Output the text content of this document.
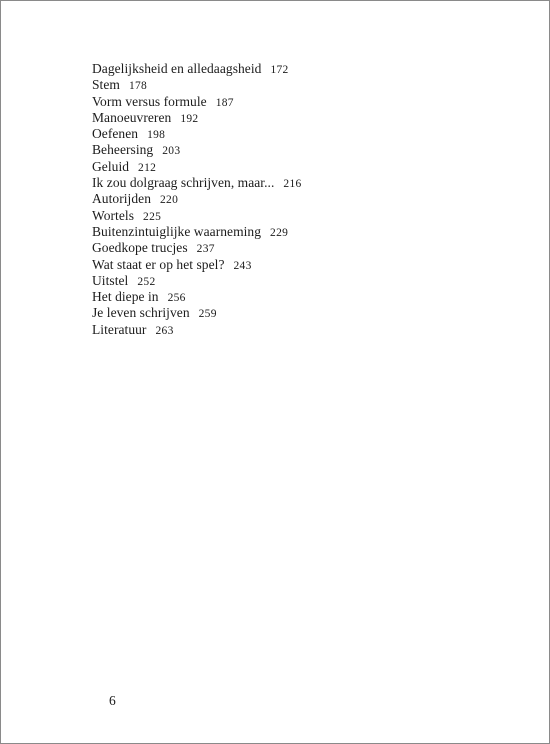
Dagelijksheid en alledaagsheid 172
Stem 178
Vorm versus formule 187
Manoeuvreren 192
Oefenen 198
Beheersing 203
Geluid 212
Ik zou dolgraag schrijven, maar... 216
Autorijden 220
Wortels 225
Buitenzintuiglijke waarneming 229
Goedkope trucjes 237
Wat staat er op het spel? 243
Uitstel 252
Het diepe in 256
Je leven schrijven 259
Literatuur 263
6
